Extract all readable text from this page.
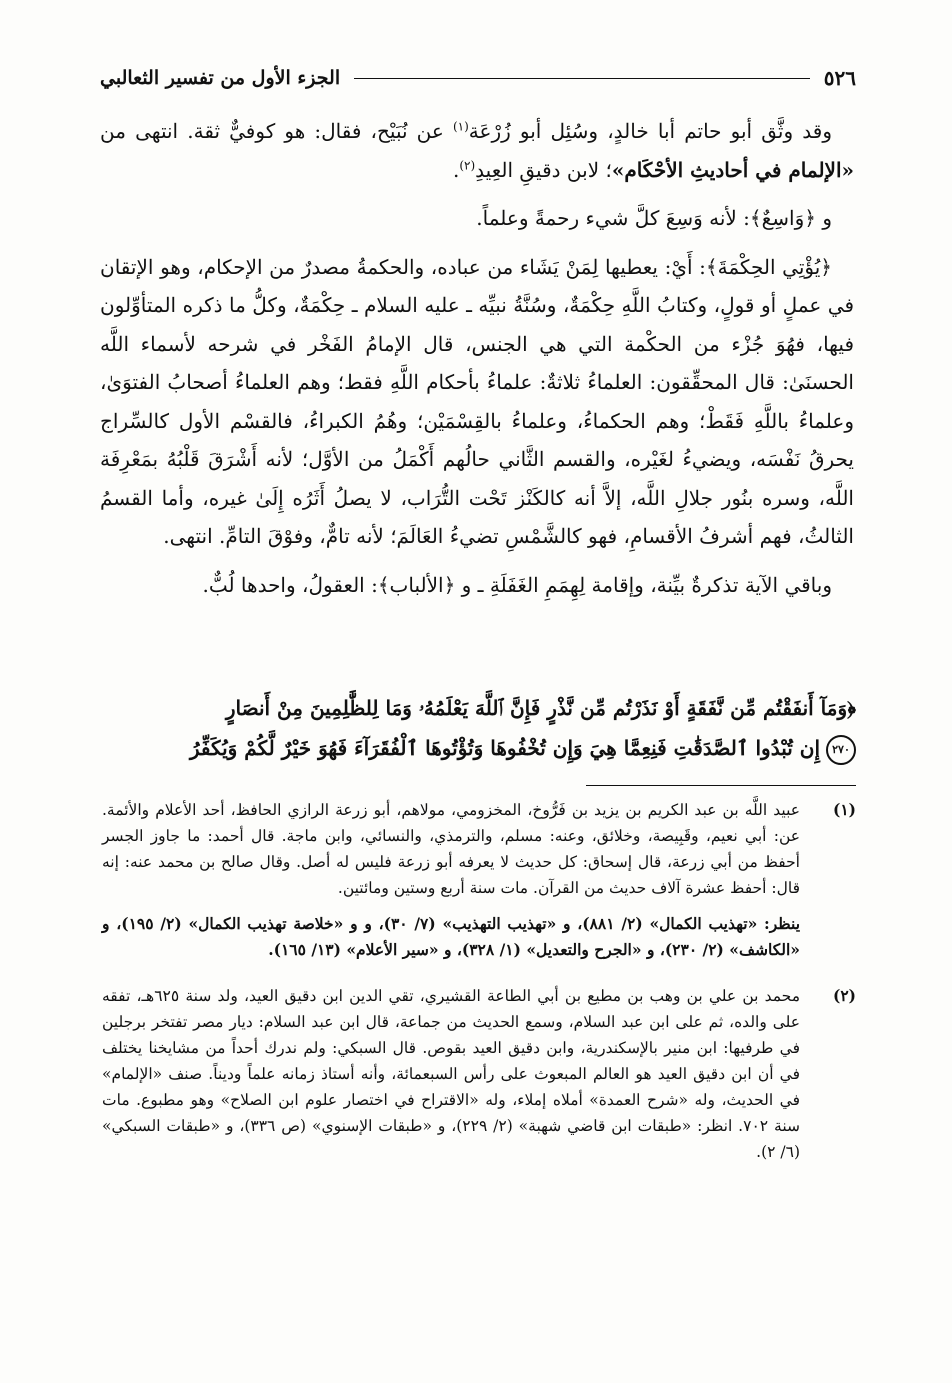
٥٢٦
الجزء الأول من تفسير الثعالبي

وقد وثَّق أبو حاتم أبا خالدٍ، وسُئِل أبو زُرْعَة$^{(١)}$ عن نُبَيْح، فقال: هو كوفيٌّ ثقة. انتهى من «الإلمام في أحاديثِ الأحْكَام»؛ لابن دقيقِ العِيدِ$^{(٢)}$.

و ﴿وَاسِعٌ﴾: لأنه وَسِعَ كلَّ شيء رحمةً وعلماً.

﴿يُؤْتِي الحِكْمَةَ﴾: أَيْ: يعطيها لِمَنْ يَشَاء من عباده، والحكمةُ مصدرٌ من الإحكام، وهو الإتقان في عملٍ أو قولٍ، وكتابُ اللَّهِ حِكْمَةٌ، وسُنَّةُ نبيِّه ـ عليه السلام ـ حِكْمَةٌ، وكلُّ ما ذكره المتأوِّلون فيها، فهُوَ جُزْء من الحكْمة التي هي الجنس، قال الإمامُ الفَخْر في شرحه لأسماء اللَّه الحسنَىٰ: قال المحقِّقون: العلماءُ ثلاثةٌ: علماءُ بأحكام اللَّهِ فقط؛ وهم العلماءُ أصحابُ الفتوَىٰ، وعلماءُ باللَّهِ فَقَطْ؛ وهم الحكماءُ، وعلماءُ بالقِسْمَيْن؛ وهُمُ الكبراءُ، فالقسْم الأول كالسِّراج يحرقُ نَفْسَه، ويضيءُ لغَيْره، والقسم الثَّاني حالُهم أَكْمَلُ من الأوَّل؛ لأنه أَشْرَقَ قَلْبُهُ بمَعْرِفَة اللَّه، وسره بنُور جلالِ اللَّه، إلاَّ أنه كالكَنْز تَحْت التُّرَاب، لا يصلُ أَثَرُه إِلَىٰ غيره، وأما القسمُ الثالثُ، فهم أشرفُ الأقسامِ، فهو كالشَّمْسِ تضيءُ العَالَمَ؛ لأنه تامٌّ، وفوْقَ التامِّ. انتهى.

وباقي الآية تذكرةٌ بيِّنة، وإقامة لِهِمَمِ الغَفَلَةِ ـ و ﴿الألباب﴾: العقولُ، واحدها لُبٌّ.

﴿وَمَآ أَنفَقْتُم مِّن نَّفَقَةٍ أَوْ نَذَرْتُم مِّن نَّذْرٍ فَإِنَّ ٱللَّهَ يَعْلَمُهُۥ وَمَا لِلظَّٰلِمِينَ مِنْ أَنصَارٍ
٢٧٠إِن تُبْدُوا ٱلصَّدَقَٰتِ فَنِعِمَّا هِيَ وَإِن تُخْفُوهَا وَتُؤْتُوهَا ٱلْفُقَرَآءَ فَهُوَ خَيْرٌ لَّكُمْ وَيُكَفِّرُ
(١)

عبيد اللَّه بن عبد الكريم بن يزيد بن فَرُّوخ، المخزومي، مولاهم، أبو زرعة الرازي الحافظ، أحد الأعلام والأئمة. عن: أبي نعيم، وقَبِيصة، وخلائق، وعنه: مسلم، والترمذي، والنسائي، وابن ماجة. قال أحمد: ما جاوز الجسر أحفظ من أبي زرعة، قال إسحاق: كل حديث لا يعرفه أبو زرعة فليس له أصل. وقال صالح بن محمد عنه: إنه قال: أحفظ عشرة آلاف حديث من القرآن. مات سنة أربع وستين ومائتين.

ينظر: «تهذيب الكمال» (٢/ ٨٨١)، و «تهذيب التهذيب» (٧/ ٣٠)، و و «خلاصة تهذيب الكمال» (٢/ ١٩٥)، و «الكاشف» (٢/ ٢٣٠)، و «الجرح والتعديل» (١/ ٣٢٨)، و «سير الأعلام» (١٣/ ١٦٥).

(٢)

محمد بن علي بن وهب بن مطيع بن أبي الطاعة القشيري، تقي الدين ابن دقيق العيد، ولد سنة ٦٢٥هـ، تفقه على والده، ثم على ابن عبد السلام، وسمع الحديث من جماعة، قال ابن عبد السلام: ديار مصر تفتخر برجلين في طرفيها: ابن منير بالإسكندرية، وابن دقيق العيد بقوص. قال السبكي: ولم ندرك أحداً من مشايخنا يختلف في أن ابن دقيق العيد هو العالم المبعوث على رأس السبعمائة، وأنه أستاذ زمانه علماً وديناً. صنف «الإلمام» في الحديث، وله «شرح العمدة» أملاه إملاء، وله «الاقتراح في اختصار علوم ابن الصلاح» وهو مطبوع. مات سنة ٧٠٢. انظر: «طبقات ابن قاضي شهبة» (٢/ ٢٢٩)، و «طبقات الإسنوي» (ص ٣٣٦)، و «طبقات السبكي» (٦/ ٢).
